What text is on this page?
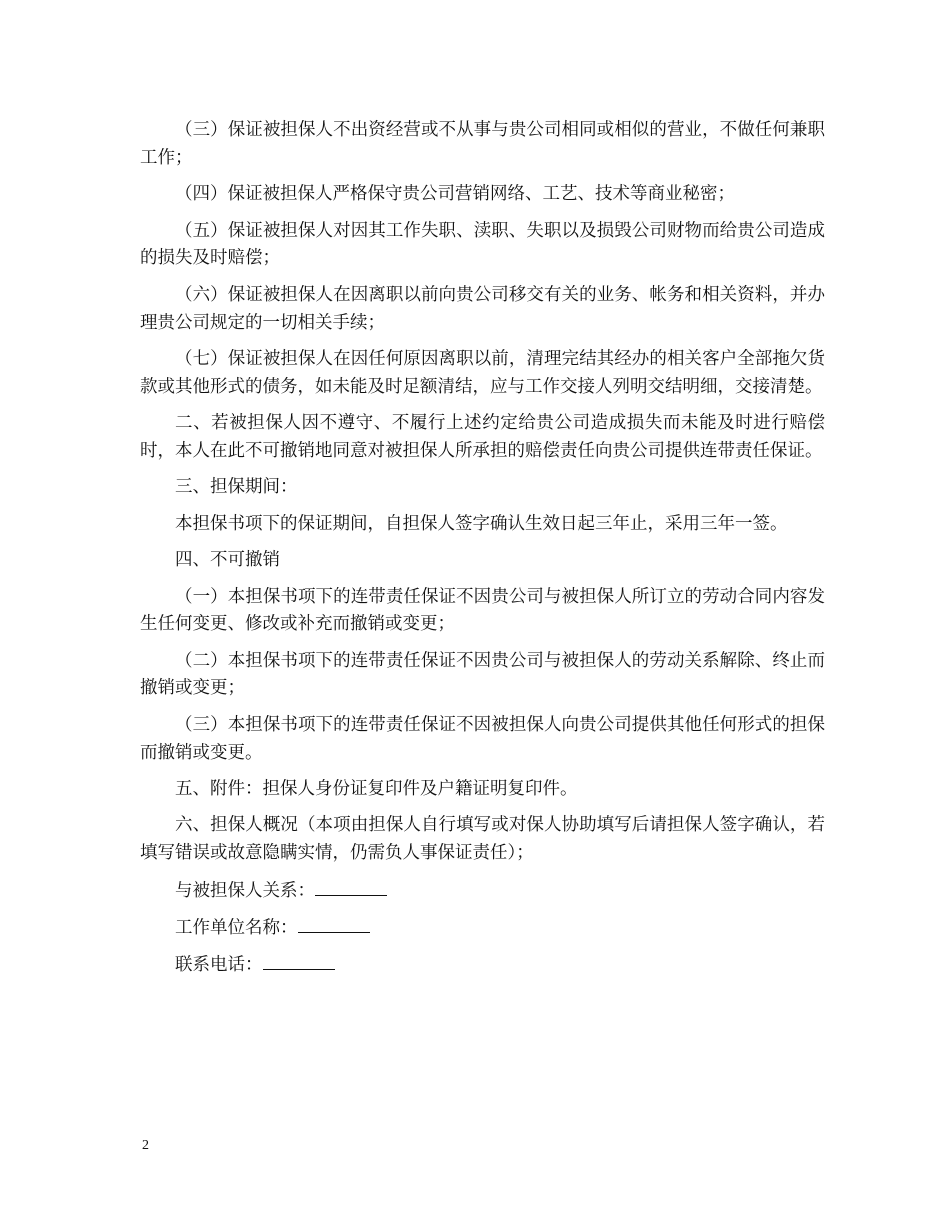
（三）保证被担保人不出资经营或不从事与贵公司相同或相似的营业，不做任何兼职工作；

（四）保证被担保人严格保守贵公司营销网络、工艺、技术等商业秘密；

（五）保证被担保人对因其工作失职、渎职、失职以及损毁公司财物而给贵公司造成的损失及时赔偿；

（六）保证被担保人在因离职以前向贵公司移交有关的业务、帐务和相关资料，并办理贵公司规定的一切相关手续；

（七）保证被担保人在因任何原因离职以前，清理完结其经办的相关客户全部拖欠货款或其他形式的债务，如未能及时足额清结，应与工作交接人列明交结明细，交接清楚。

二、若被担保人因不遵守、不履行上述约定给贵公司造成损失而未能及时进行赔偿时，本人在此不可撤销地同意对被担保人所承担的赔偿责任向贵公司提供连带责任保证。

三、担保期间：

本担保书项下的保证期间，自担保人签字确认生效日起三年止，采用三年一签。

四、不可撤销

（一）本担保书项下的连带责任保证不因贵公司与被担保人所订立的劳动合同内容发生任何变更、修改或补充而撤销或变更；

（二）本担保书项下的连带责任保证不因贵公司与被担保人的劳动关系解除、终止而撤销或变更；

（三）本担保书项下的连带责任保证不因被担保人向贵公司提供其他任何形式的担保而撤销或变更。

五、附件：担保人身份证复印件及户籍证明复印件。

六、担保人概况（本项由担保人自行填写或对保人协助填写后请担保人签字确认，若填写错误或故意隐瞒实情，仍需负人事保证责任）；

与被担保人关系：

工作单位名称：

联系电话：

2
